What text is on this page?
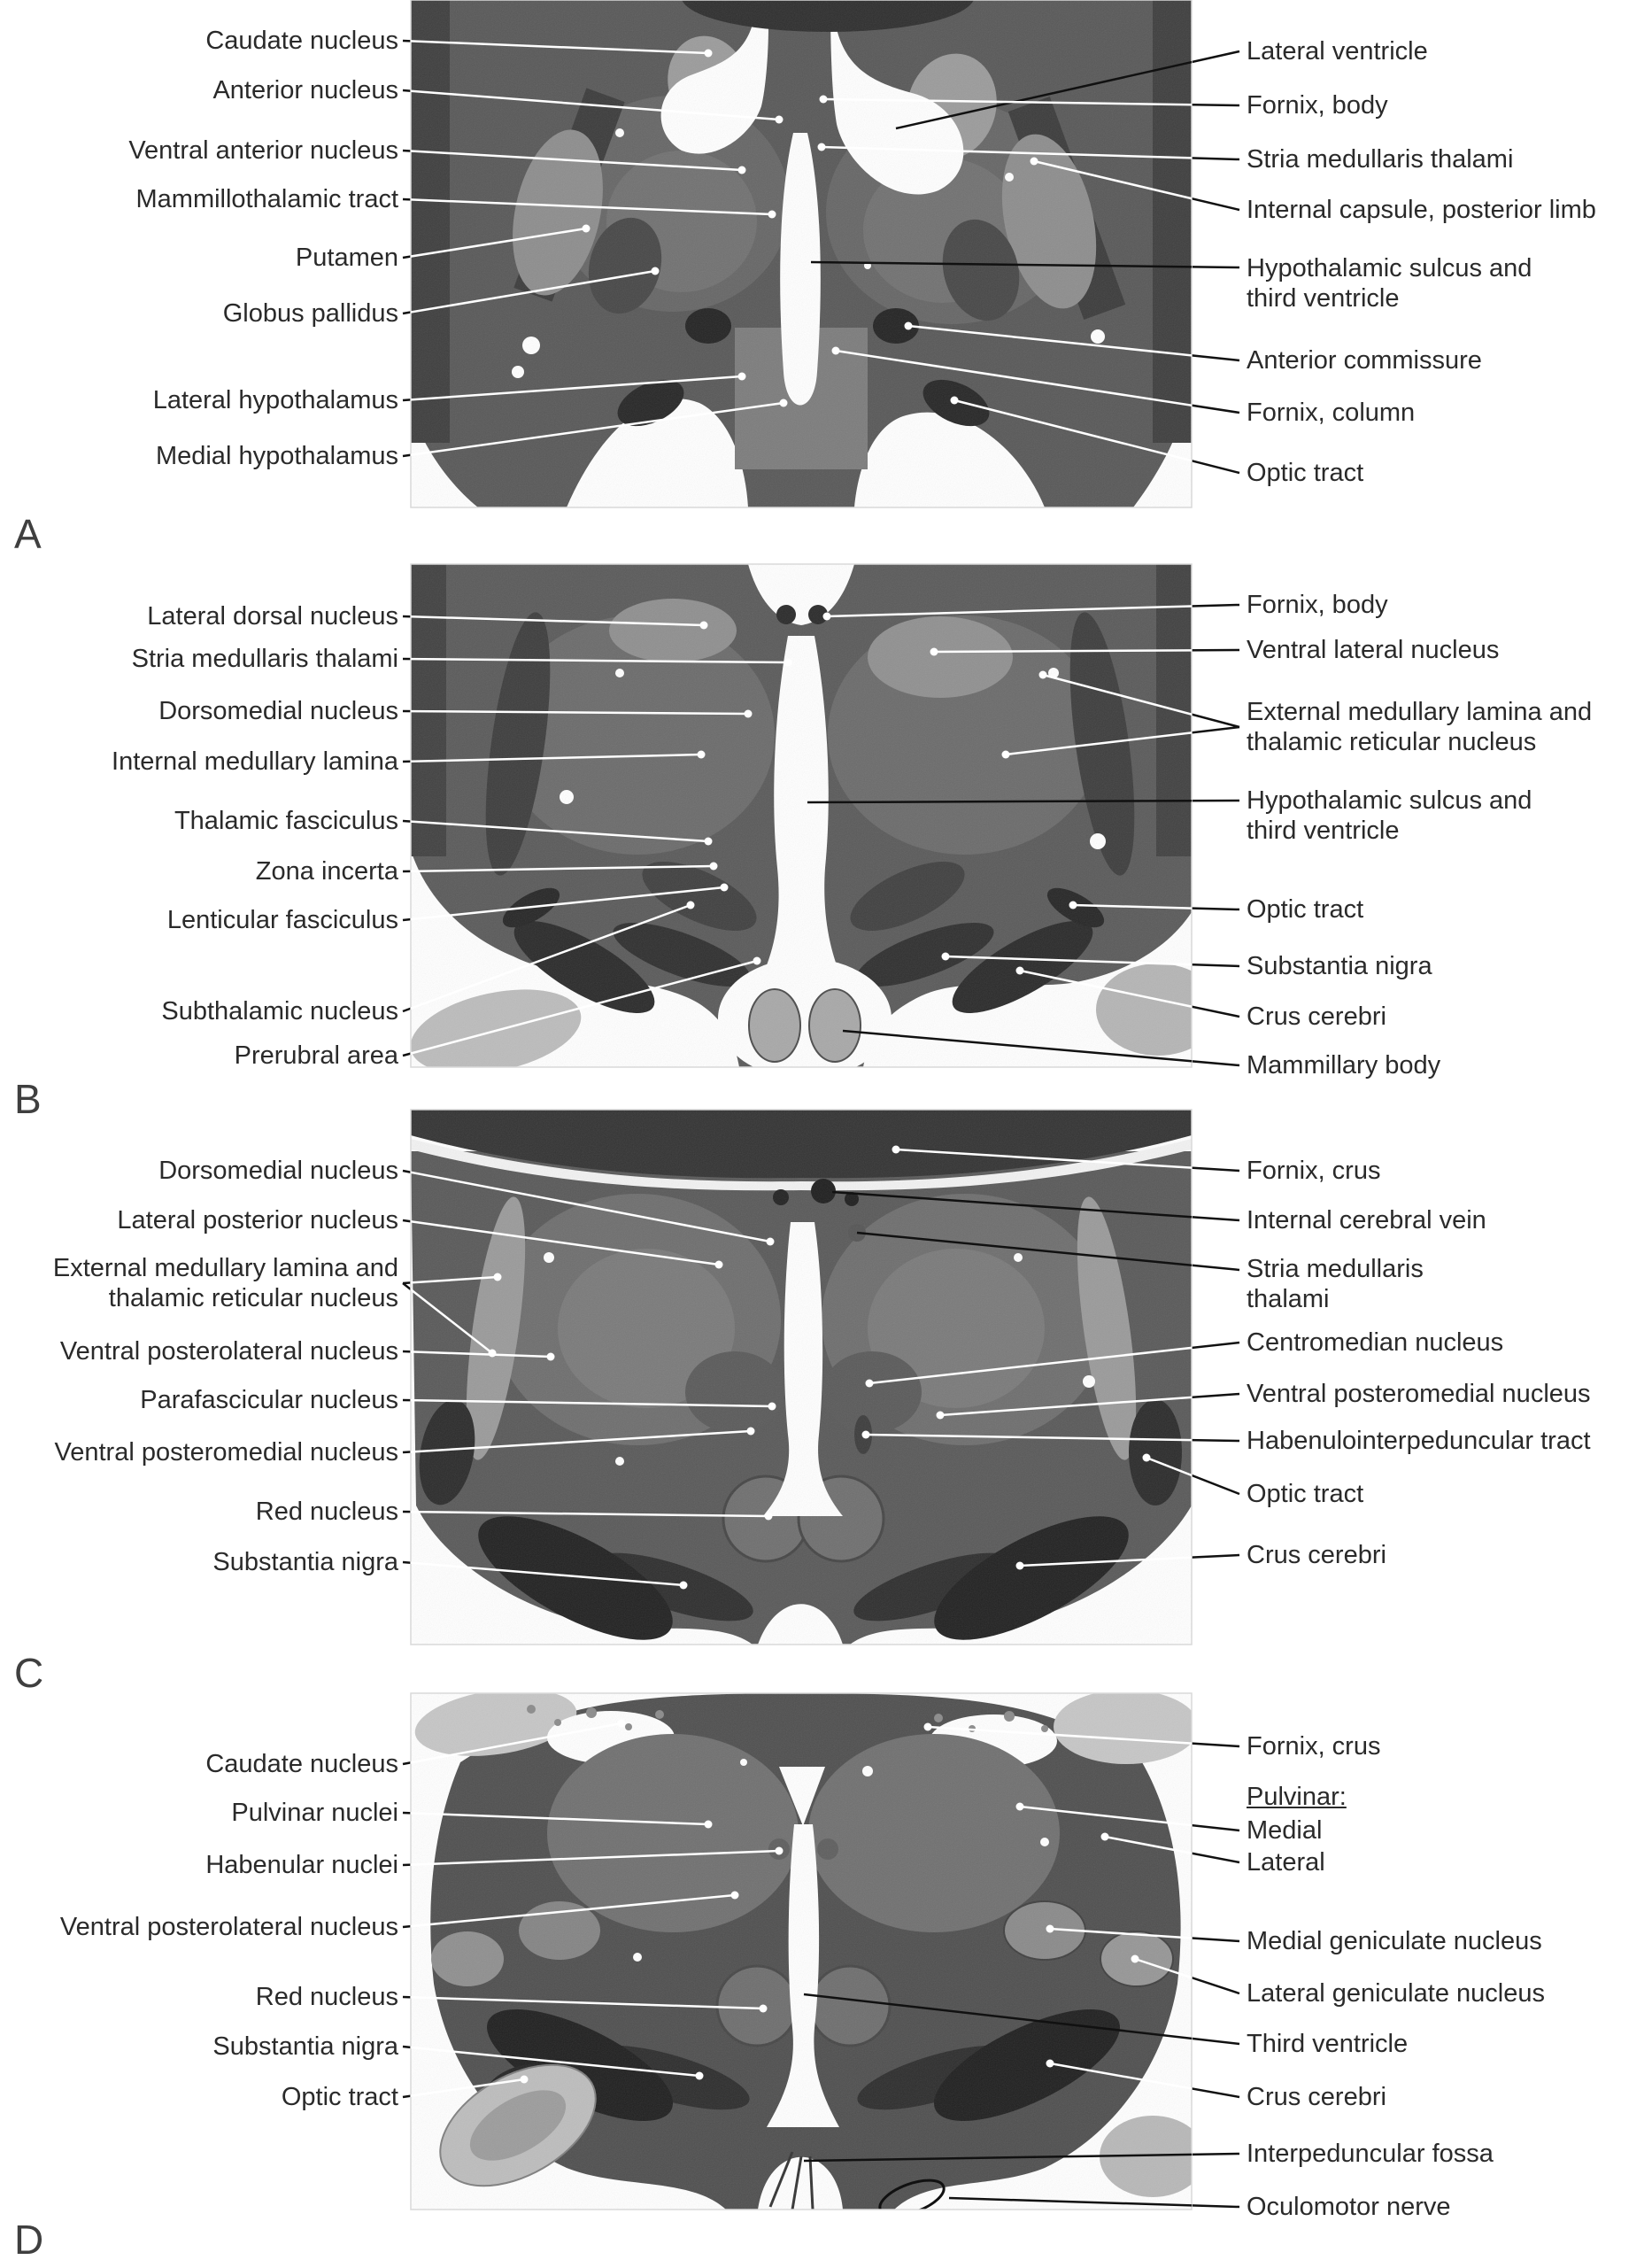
A
Caudate nucleus
Anterior nucleus
Ventral anterior nucleus
Mammillothalamic tract
Putamen
Globus pallidus
Lateral hypothalamus
Medial hypothalamus
Lateral ventricle
Fornix, body
Stria medullaris thalami
Internal capsule, posterior limb
Hypothalamic sulcus and
third ventricle
Anterior commissure
Fornix, column
Optic tract
B
Lateral dorsal nucleus
Stria medullaris thalami
Dorsomedial nucleus
Internal medullary lamina
Thalamic fasciculus
Zona incerta
Lenticular fasciculus
Subthalamic nucleus
Prerubral area
Fornix, body
Ventral lateral nucleus
External medullary lamina and
thalamic reticular nucleus
Hypothalamic sulcus and
third ventricle
Optic tract
Substantia nigra
Crus cerebri
Mammillary body
C
Dorsomedial nucleus
Lateral posterior nucleus
External medullary lamina and
thalamic reticular nucleus
Ventral posterolateral nucleus
Parafascicular nucleus
Ventral posteromedial nucleus
Red nucleus
Substantia nigra
Fornix, crus
Internal cerebral vein
Stria medullaris
thalami
Centromedian nucleus
Ventral posteromedial nucleus
Habenulointerpeduncular tract
Optic tract
Crus cerebri
D
Caudate nucleus
Pulvinar nuclei
Habenular nuclei
Ventral posterolateral nucleus
Red nucleus
Substantia nigra
Optic tract
Fornix, crus
Pulvinar:
Medial
Lateral
Medial geniculate nucleus
Lateral geniculate nucleus
Third ventricle
Crus cerebri
Interpeduncular fossa
Oculomotor nerve
